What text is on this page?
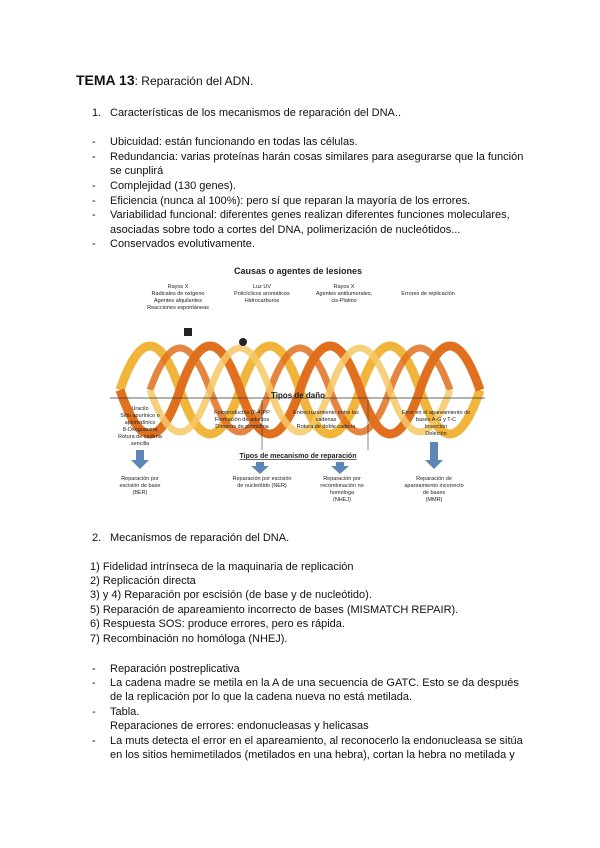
TEMA 13: Reparación del ADN.
1. Características de los mecanismos de reparación del DNA..
- Ubicuidad: están funcionando en todas las células.
- Redundancia: varias proteínas harán cosas similares para asegurarse que la función
se cunplirá
- Complejidad (130 genes).
- Eficiencia (nunca al 100%): pero sí que reparan la mayoría de los errores.
- Variabilidad funcional: diferentes genes realizan diferentes funciones moleculares,
asociadas sobre todo a cortes del DNA, polimerización de nucleótidos...
- Conservados evolutivamente.
Causas o agentes de lesiones
Rayos X
Radicales de oxígeno
Agentes alquilantes
Reacciones espontáneas
Luz UV
Policíclicos aromáticos
Hidrocarburos
Rayos X
Agentes antitumorales,
cis-Platino
Errores de replicación
Tipos de daño
Uracilo
Sitio apurínico o
apirimidínico
8-Oxoguanina
Rotura de cadena
sencilla
Fotoproductos (6-4)PP
Formación de aductos
Dímeros de pirimidina
Entrecruzamiento entre las
cadenas
Rotura de doble cadena
Error en el apareamiento de
bases A-G y T-C
Inserción
Deleción
Tipos de mecanismo de reparación
Reparación por
escisión de base
(BER)
Reparación por escisión
de nucleótido (NER)
Reparación por
recombinación no
homóloga
(NHEJ)
Reparación de
apareamiento incorrecto
de bases
(MMR)
2. Mecanismos de reparación del DNA.
1) Fidelidad intrínseca de la maquinaria de replicación
2) Replicación directa
3) y 4) Reparación por escisión (de base y de nucleótido).
5) Reparación de apareamiento incorrecto de bases (MISMATCH REPAIR).
6) Respuesta SOS: produce errores, pero es rápida.
7) Recombinación no homóloga (NHEJ).
- Reparación postreplicativa
- La cadena madre se metila en la A de una secuencia de GATC. Esto se da después
de la replicación por lo que la cadena nueva no está metilada.
- Tabla.
Reparaciones de errores: endonucleasas y helicasas
- La muts detecta el error en el apareamiento, al reconocerlo la endonucleasa se sitúa
en los sitios hemimetilados (metilados en una hebra), cortan la hebra no metilada y
